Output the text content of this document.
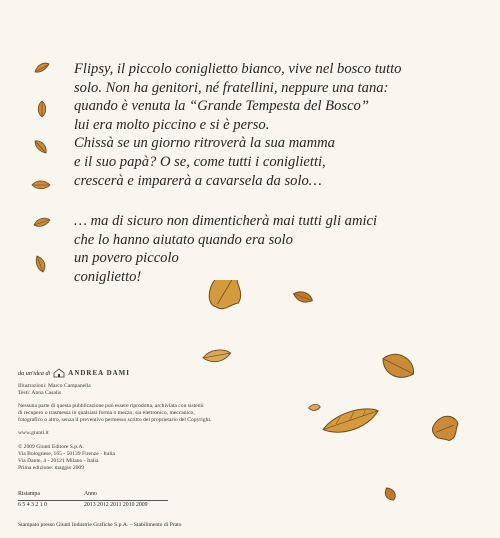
Flipsy, il piccolo coniglietto bianco, vive nel bosco tutto
solo. Non ha genitori, né fratellini, neppure una tana:
quando è venuta la “Grande Tempesta del Bosco”
lui era molto piccino e si è perso.
Chissà se un giorno ritroverà la sua mamma
e il suo papà? O se, come tutti i coniglietti,
crescerà e imparerà a cavarsela da solo…

… ma di sicuro non dimenticherà mai tutti gli amici
che lo hanno aiutato quando era solo
un povero piccolo
coniglietto!

da un'idea di	ANDREA DAMI
Illustrazioni: Marco Campanella
Testi: Anna Casalis
Nessuna parte di questa pubblicazione può essere riprodotta, archiviata con sistemi
di recupero o trasmessa in qualsiasi forma o mezzo, sia elettronico, meccanico,
fotografico o altro, senza il preventivo permesso scritto del proprietario del Copyright.
www.giunti.it
© 2009 Giunti Editore S.p.A.
Via Bolognese, 165 - 50139 Firenze - Italia
Via Dante, 4 - 20121 Milano - Italia
Prima edizione: maggio 2009
Ristampa	Anno
6 5 4 3 2 1 0	2013 2012 2011 2010 2009
Stampato presso Giunti Industrie Grafiche S.p.A. – Stabilimento di Prato
